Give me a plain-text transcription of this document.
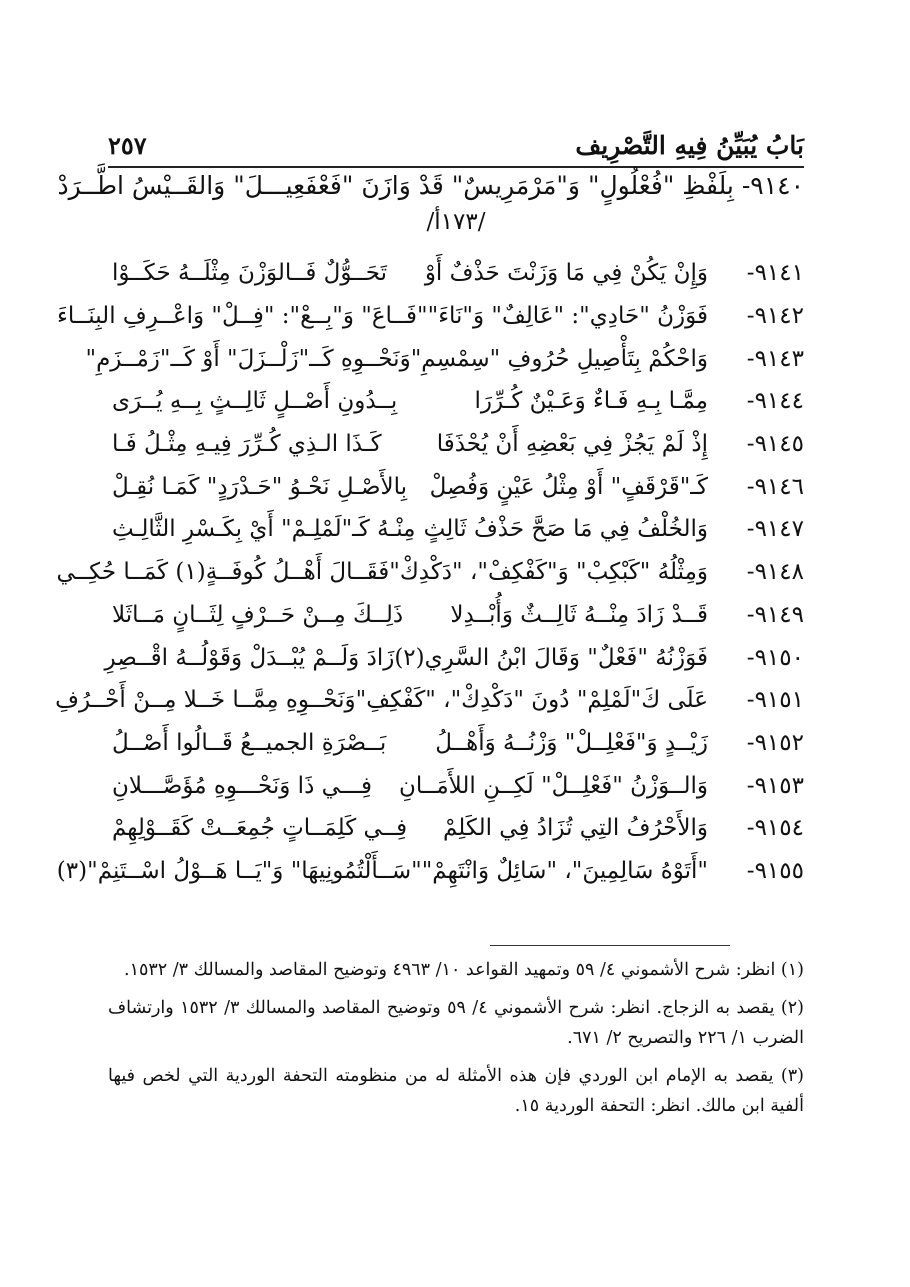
بَابُ يُبَيِّنُ فِيهِ التَّصْرِيف
٢٥٧
٩١٤٠- بِلَفْظِ "فُعْلُولٍ" وَ"مَرْمَرِيسٌ" قَدْ وَازَنَ "فَعْفَعِيـــلَ" وَالقَــيْسُ اطَّــرَدْ
/١٧٣أ/
٩١٤١-
وَإِنْ يَكُنْ فِي مَا وَزَنْتَ حَذْفٌ أَوْ
تَحَــوُّلٌ فَــالوَزْنَ مِثْلَــهُ حَكَــوْا
٩١٤٢-
فَوَزْنُ "حَادِي": "عَالِفٌ" وَ"نَاءَ"
"فَــاعَ" وَ"بِــعْ": "فِــلْ" وَاعْــرِفِ البِنَــاءَ
٩١٤٣-
وَاحْكُمْ بِتَأْصِيلِ حُرُوفِ "سِمْسِمِ"
وَنَحْــوِهِ كَــ"زَلْــزَلَ" أَوْ كَــ"زَمْــزَمِ"
٩١٤٤-
مِمَّـا بِـهِ فَـاءٌ وَعَـيْنٌ كُـرِّرَا
بِــدُونِ أَصْــلٍ ثَالِــثٍ بِــهِ يُــرَى
٩١٤٥-
إِذْ لَمْ يَجُزْ فِي بَعْضِهِ أَنْ يُحْذَفَا
كَـذَا الـذِي كُـرِّرَ فِيـهِ مِثْـلُ فَـا
٩١٤٦-
كَـ"قَرْقَفٍ" أَوْ مِثْلُ عَيْنٍ وَفُصِلْ
بِالأَصْـلِ نَحْـوُ "حَـدْرَدٍ" كَمَـا نُقِـلْ
٩١٤٧-
وَالخُلْفُ فِي مَا صَحَّ حَذْفُ ثَالِثٍ
مِنْـهُ كَـ"لَمْلِـمْ" أَيْ بِكَـسْرِ الثَّالِـثِ
٩١٤٨-
وَمِثْلُهُ "كَبْكِبْ" وَ"كَفْكِفْ"، "دَكْدِكْ"
فَقَــالَ أَهْــلُ كُوفَــةٍ(١) كَمَــا حُكِــي
٩١٤٩-
قَــدْ زَادَ مِنْــهُ ثَالِــثٌ وَأُبْــدِلا
ذَلِــكَ مِــنْ حَــرْفٍ لِثَــانٍ مَــاثَلا
٩١٥٠-
فَوَزْنُهُ "فَعْلٌ" وَقَالَ ابْنُ السَّرِي(٢)
زَادَ وَلَــمْ يُبْــدَلْ وَقَوْلُــهُ اقْــصِرِ
٩١٥١-
عَلَى كَ"لَمْلِمْ" دُونَ "دَكْدِكْ"، "كَفْكِفِ"
وَنَحْــوِهِ مِمَّــا خَــلا مِــنْ أَحْــرُفِ
٩١٥٢-
زَيْــدٍ وَ"فَعْلِــلْ" وَزْنُــهُ وَأَهْــلُ
بَــصْرَةِ الجميــعُ قَــالُوا أَصْــلُ
٩١٥٣-
وَالــوَزْنُ "فَعْلِــلْ" لَكِــنِ اللأَمَــانِ
فِـــي ذَا وَنَحْـــوِهِ مُؤَصَّـــلانِ
٩١٥٤-
وَالأَحْرُفُ التِي تُزَادُ فِي الكَلِمْ
فِــي كَلِمَــاتٍ جُمِعَــتْ كَقَــوْلِهِمْ
٩١٥٥-
"أَتَوْهُ سَالِمِينَ"، "سَائِلٌ وَانْتَهِمْ"
"سَــأَلْتُمُونِيهَا" وَ"يَــا هَــوْلُ اسْــتَنِمْ"(٣)
(١) انظر: شرح الأشموني ٤/ ٥٩ وتمهيد القواعد ١٠/ ٤٩٦٣ وتوضيح المقاصد والمسالك ٣/ ١٥٣٢.
(٢) يقصد به الزجاج. انظر: شرح الأشموني ٤/ ٥٩ وتوضيح المقاصد والمسالك ٣/ ١٥٣٢ وارتشاف الضرب ١/ ٢٢٦ والتصريح ٢/ ٦٧١.
(٣) يقصد به الإمام ابن الوردي فإن هذه الأمثلة له من منظومته التحفة الوردية التي لخص فيها ألفية ابن مالك. انظر: التحفة الوردية ١٥.
